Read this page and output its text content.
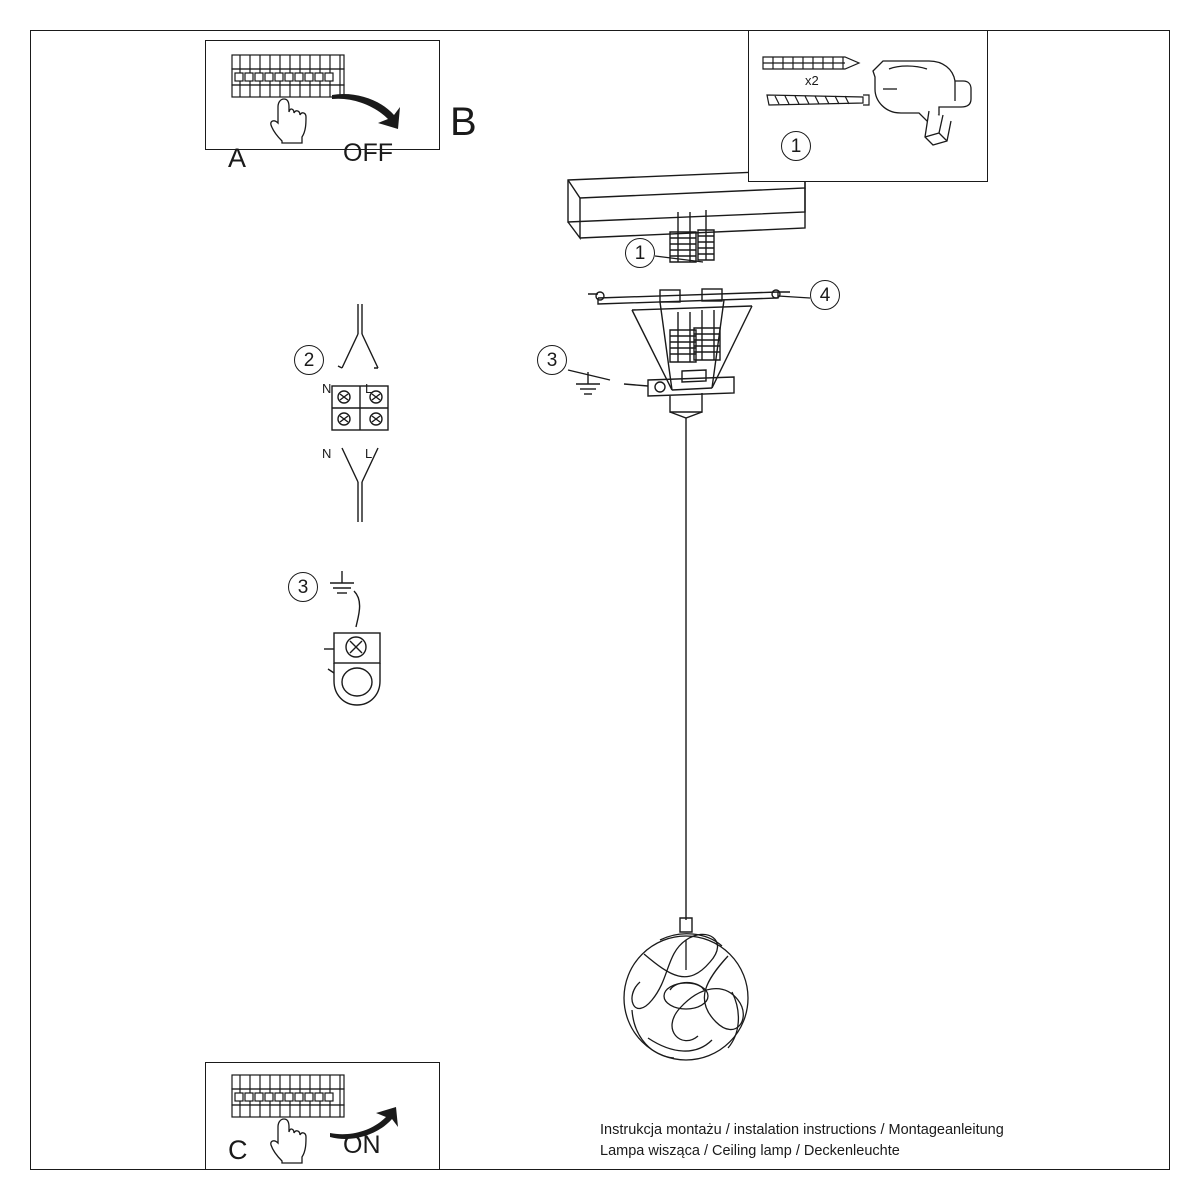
1
4
3
A	OFF
B
x2
1
2
N	L
N	L
3
C	ON
Instrukcja montażu / instalation instructions / Montageanleitung
Lampa wisząca / Ceiling lamp / Deckenleuchte
